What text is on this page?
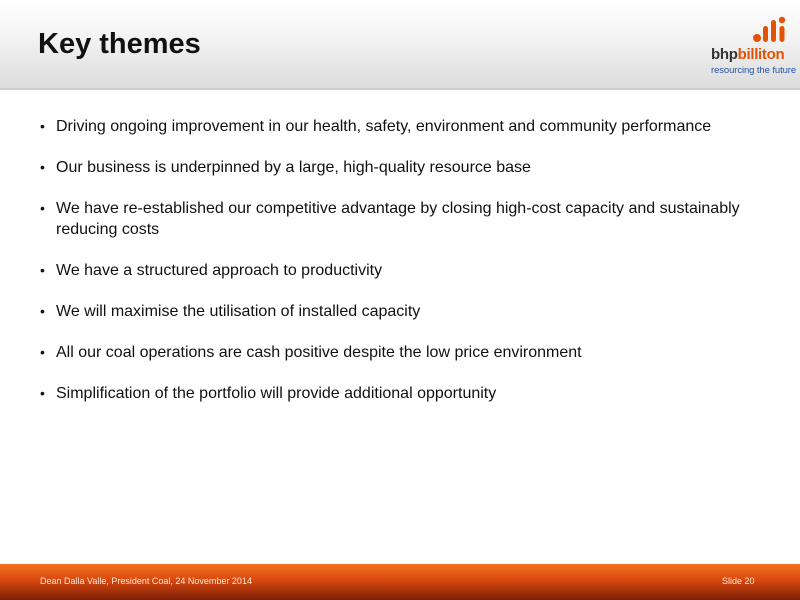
Key themes	bhpbilliton
resourcing the future
• Driving ongoing improvement in our health, safety, environment and community performance
• Our business is underpinned by a large, high-quality resource base
• We have re-established our competitive advantage by closing high-cost capacity and sustainably reducing costs
• We have a structured approach to productivity
• We will maximise the utilisation of installed capacity
• All our coal operations are cash positive despite the low price environment
• Simplification of the portfolio will provide additional opportunity
Dean Dalla Valle, President Coal, 24 November 2014	Slide 20
